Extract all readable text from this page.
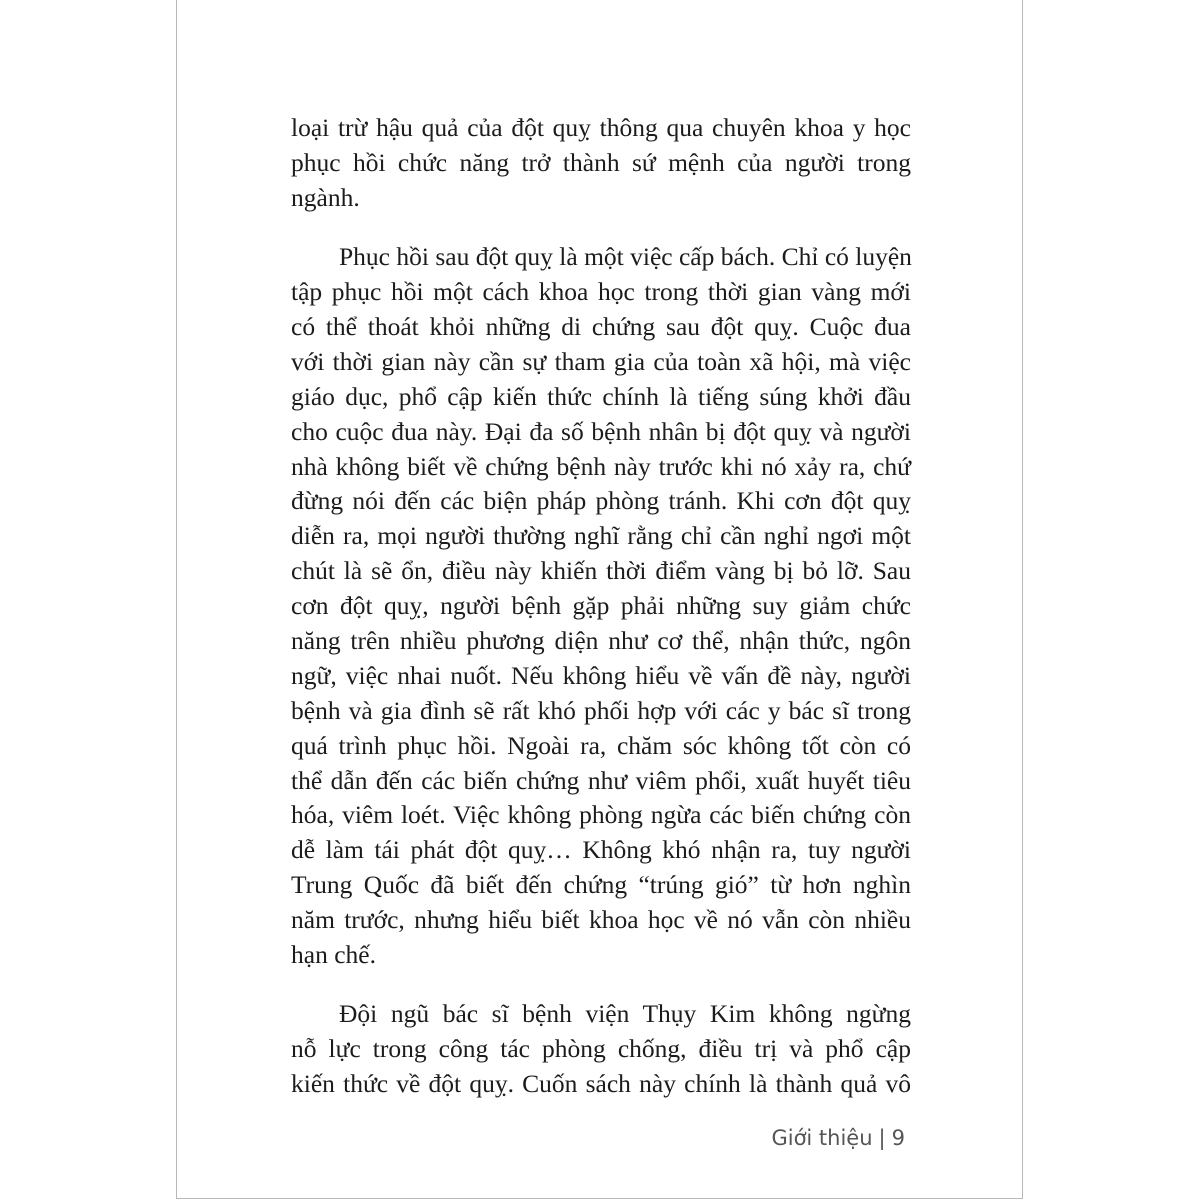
loại trừ hậu quả của đột quỵ thông qua chuyên khoa y học
phục hồi chức năng trở thành sứ mệnh của người trong
ngành.
Phục hồi sau đột quỵ là một việc cấp bách. Chỉ có luyện
tập phục hồi một cách khoa học trong thời gian vàng mới
có thể thoát khỏi những di chứng sau đột quỵ. Cuộc đua
với thời gian này cần sự tham gia của toàn xã hội, mà việc
giáo dục, phổ cập kiến thức chính là tiếng súng khởi đầu
cho cuộc đua này. Đại đa số bệnh nhân bị đột quỵ và người
nhà không biết về chứng bệnh này trước khi nó xảy ra, chứ
đừng nói đến các biện pháp phòng tránh. Khi cơn đột quỵ
diễn ra, mọi người thường nghĩ rằng chỉ cần nghỉ ngơi một
chút là sẽ ổn, điều này khiến thời điểm vàng bị bỏ lỡ. Sau
cơn đột quỵ, người bệnh gặp phải những suy giảm chức
năng trên nhiều phương diện như cơ thể, nhận thức, ngôn
ngữ, việc nhai nuốt. Nếu không hiểu về vấn đề này, người
bệnh và gia đình sẽ rất khó phối hợp với các y bác sĩ trong
quá trình phục hồi. Ngoài ra, chăm sóc không tốt còn có
thể dẫn đến các biến chứng như viêm phổi, xuất huyết tiêu
hóa, viêm loét. Việc không phòng ngừa các biến chứng còn
dễ làm tái phát đột quỵ… Không khó nhận ra, tuy người
Trung Quốc đã biết đến chứng “trúng gió” từ hơn nghìn
năm trước, nhưng hiểu biết khoa học về nó vẫn còn nhiều
hạn chế.
Đội ngũ bác sĩ bệnh viện Thụy Kim không ngừng
nỗ lực trong công tác phòng chống, điều trị và phổ cập
kiến thức về đột quỵ. Cuốn sách này chính là thành quả vô
Giới thiệu | 9
